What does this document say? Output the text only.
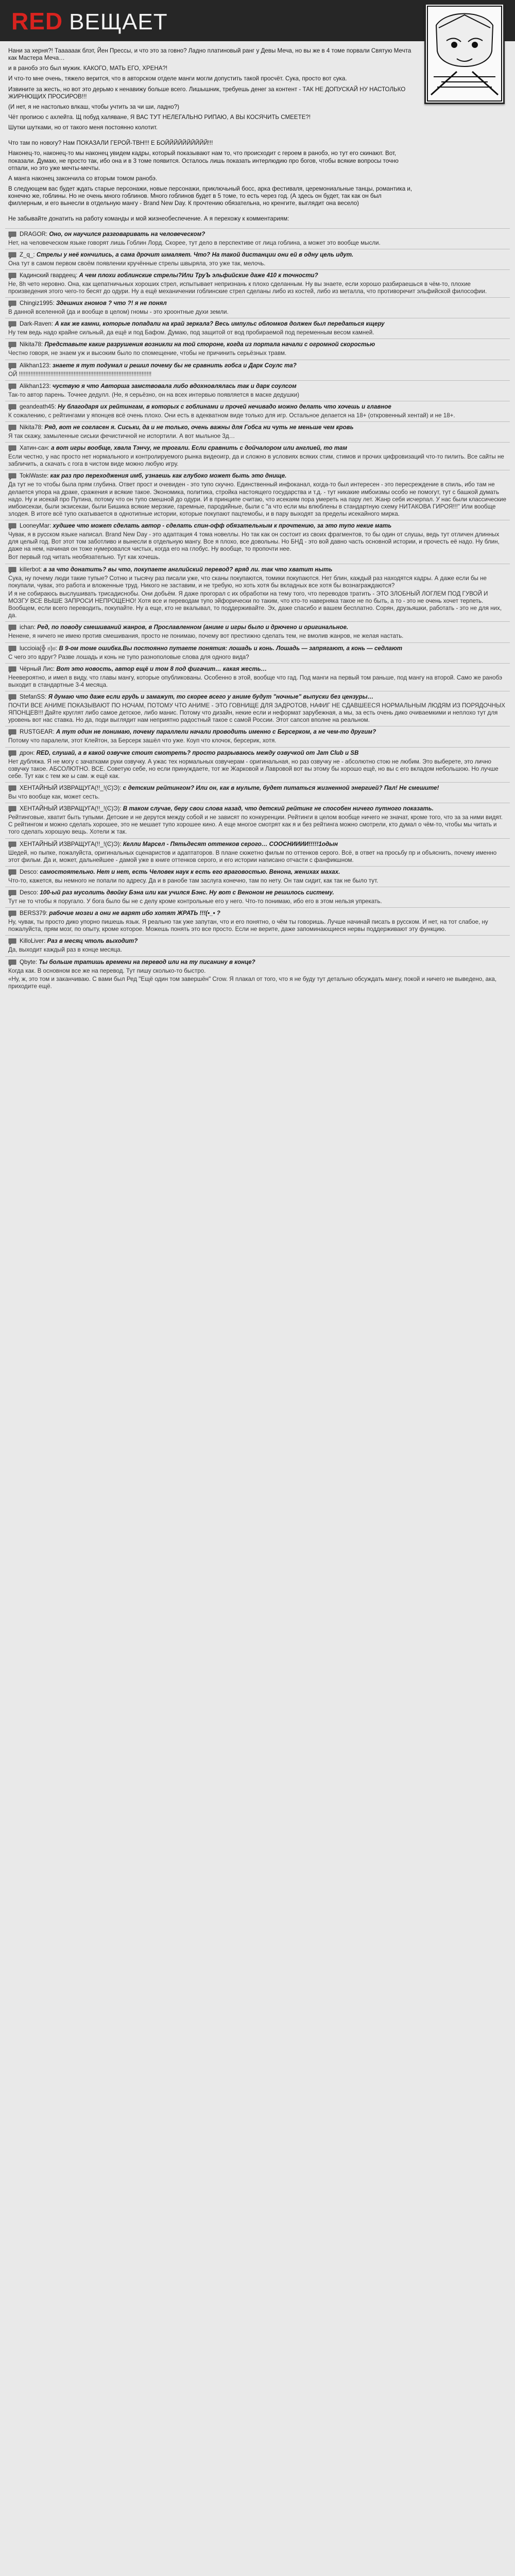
RED ВЕЩАЕТ

Нани за херня?! Таааааак блэт, Йен Прессы, и что это за говно? Ладно платиновый ранг у Девы Меча, но вы же в 4 томе порвали Святую Мечта как Мастера Меча…

и в ранобэ это был мужик. КАКОГО, МАТЬ ЕГО, ХРЕНА?!

И что-то мне очень, тяжело верится, что в авторском отделе манги могли допустить такой просчёт. Сука, просто вот сука.

Извините за жесть, но вот это дерьмо к ненавижу больше всего. Лишышник, требуешь денег за контент - ТАК НЕ ДОПУСКАЙ НУ НАСТОЛЬКО ЖИРНЮЩИХ ПРОСИРОВ!!!

(И нет, я не настолько влкаш, чтобы учтить за чи ши, ладно?)

Чёт прописю с ахлейта. Щ побуд халяване, Я ВАС ТУТ НЕЛЕГАЛЬНО РИПАЮ, А ВЫ КОСЯЧИТЬ СМЕЕТЕ?!

Шутки шутками, но от такого меня постоянно колотит.

Что там по новогу? Нам ПОКАЗАЛИ ГЕРОЙ-ТВН!!! Е БОЙЙЙЙЙЙЙЙЙЙ!!!

Наконец-то, наконец-то мы наконец увидем кадры, который показывают нам то, что происходит с героем в ранобэ, но тут его скинают. Вот, показали. Думаю, не просто так, ибо она и в 3 томе появится. Осталось лишь показать интерлюдию про богов, чтобы всякие вопросы точно отпали, но это уже мечты-мечты.

А манга наконец закончила со вторым томом ранобэ.

В следующем вас будет ждать старые персонажи, новые персонажи, приключьный босс, арка фестиваля, церемониальные танцы, романтика и, конечно же, гоблины. Но не очень много гоблинов. Много гоблинов будет в 5 томе, то есть через год. (А здесь он будет, так как он был филлерным, и его вынесли в отдельную мангу - Brand New Day. К прочтению обязательна, но кренгите, выглядит она весело)

Не забывайте донатить на работу команды и мой жизнеобеспечение. А я перехожу к комментариям:

DRAGOR: Оно, он научился разговаривать на человеческом?
Нет, на человеческом языке говорят лишь Гоблин Лорд. Скорее, тут дело в перспективе от лица гоблина, а может это вообще мысли.
Z_q_: Стрелы у неё кончились, а сама дрочит шмаляет. Что? На такой дистанции они ей в одну цель идут.
Она тут в самом первом своём появлении кручённые стрелы швыряла, это уже так, мелочь.
Кадинский гвардеец: А чем плохи гоблинские стрелы?Или ТруЪ эльфийские даже 410 к точности?
Не, 8h чето неровно. Она, как щепатничьных хороших стрел, испытывает непризнань к плохо сделанным. Ну вы знаете, если хорошо разбираешься в чём-то, плохие произведения этого чего-то бесят до одури. Ну а ещё механичении гоблинские стрел сделаны либо из костей, либо из металла, что противоречит эльфийской философии.
Chingiz1995: Здешних гномов ? что ?! я не понял
В данной вселенной (да и вообще в целом) гномы - это хроонтные духи земли.
Dark-Raven: А как же камни, которые попадали на край зеркала? Весь импульс обломков должен был передаться кщеру
Ну тем ведь надо крайне сильный, да ещё и под Бафом. Думаю, под защитой от вод пробираемой под переменным весом камней.
Nikita78: Представьте какие разрушения возникли на той стороне, когда из портала начали с огромной скоростью
Честно говоря, не знаем уж и высоким было по спомещение, чтобы не причинить серьёзных травм.
Alikhan123: знаете я тут подумал и решил почему бы не сравнить гобса и Дарк Соулс та?
ОЙ !!!!!!!!!!!!!!!!!!!!!!!!!!!!!!!!!!!!!!!!!!!!!!!!!!!!!!!!!!!!!!!!!!!!!!!!!!!!!!!!
Alikhan123: чуствую я что Авторша замствовала либо вдохновлялась так и дарк соулсом
Так-то автор парень. Точнее дедулл. (Не, я серьёзно, он на всех интервью появляется в маске дедушки)
geandeath45: Ну благодаря их рейтингам, в которых с гоблинами и прочей нечивадо можно делать что хочешь и главное
К сожалению, с рейтингами у японцев всё очень плохо. Они есть в адекватном виде только для игр. Остальное делается на 18+ (откровенный хентай) и не 18+.
Nikita78: Ряд, вот не согласен я. Сиськи, да и не только, очень важны для Гобса ни чуть не меньше чем кровь
Я так скажу, замыленные сиськи фечистичной не испортили. А вот мыльное 3д…
Хатин-сан: а вот игры вообще, хвала Тэнчу, не трогали. Если сравнить с дойчалором или англией, то там
Если честно, у нас просто нет нормального и контролируемого рынка видеоигр, да и сложно в условиях всяких стим, стимов и прочих цифровизаций что-то пилить. Все сайты не забличить, а скачать с гога в чистом виде можно любую игру.
TokiWaste: как раз про переходжения имб, узнаешь как глубоко может быть это днище.
Да тут не то чтобы была прям глубина. Ответ прост и очевиден - это тупо скучно. Единственный инфоканал, когда-то был интересен - это пересреждение в спиль, ибо там не делается упора на драке, сражения и всякие такое. Экономика, политика, стройка настоящего государства и т.д. - тут никакие имбоизмы особо не помогут, тут с башкой думать надо. Ну и исекай про Путина, потому что он тупо смешной до одури. И в принципе считаю, что исекаям пора умереть на пару лет. Жанр себя исчерпал. У нас были классические имбоисекаи, были экзисекаи, были Бишика всякие мерзкие, гаремные, пародийные, были с "а что если мы влюблены в стандартную схему НИТАКОВА ГИРОЯ!!!" Или вообще злодея. В итоге всё тупо скатывается в однотипные истории, которые покупают пацтемобы, и в пару выходят за пределы исекайного мирка.
LooneyMar: худшее что может сделать автор - сделать спин-офф обязательным к прочтению, за это тупо некие мать
Чувак, я в русском языке написал. Brand New Day - это адаптация 4 тома новеллы. Но так как он состоит из своих фрагментов, то бы один от слушы, ведь тут отличен длинных для целый год. Вот этот том заботливо и вынесли в отдельную мангу. Все я плохо, все довольны. Но БНД - это вой давно часть основной истории, и прочесть её надо. Ну блин, даже на нем, начиная он тоже нумеровался чистых, когда его на глобус. Ну вообще, то пропочти нее.
Вот первый год читать необязательно. Тут как хочешь.
killerbot: а за что донатить? вы что, покупаете английский перевод? вряд ли. так что хватит ныть
Сука, ну почему люди такие тупые? Сотню и тысячу раз писали уже, что сканы покупаются, томики покупаются. Нет блин, каждый раз находятся кадры. А даже если бы не покупали, чувак, это работа и вложенные труд. Никого не заставим, и не требую, но хоть хотя бы вкладных все хотя бы вознаграждаются?
И я не собираюсь выслушивать трисадиснобы. Они добьём. Я даже прогорал с их обработки на тему того, что переводов тратить - ЭТО ЗЛОБНЫЙ ЛОГЛЕМ ПОД ГУВОЙ И МОЗГУ ВСЕ ВЫШЕ ЗАПРОСИ НЕПРОЩЕНО! Хотя все и переводам тупо эйфорически по таким, что кто-то наверняка такое не по быть, а то - это не очень хочет терпеть. Вообщем, если всего переводить, покупайте. Ну а еще, кто не вкалывал, то поддерживайте. Эх, даже спасибо и вашем бесплатно. Сорян, друзьяшки, работать - это не для них, да.
ichan: Ред, по поводу смешиваний жанров, в Прославленном (аниме и игры было и дрючено и оригинальное.
Ненене, я ничего не имею против смешивания, просто не понимаю, почему вот престижно сделать тем, не вмолив жанров, не желая настать.
luccioia(╬ ಠ)ಠ: В 9-ом томе ошибка.Вы постоянно путаете понятия: лошадь и конь. Лошадь — запрягают, а конь — седлают
С чего это вдруг? Разве лошадь и конь не тупо разнополовые слова для одного вида?
Чёрный Лис: Вот это новость, автор ещё и том 8 под фигачит… какая жесть…
Неевероятно, и имел в виду, что главы мангу, которые опубликованы. Особенно в этой, вообще что гад. Под манги на первый том раньше, под мангу на второй. Само же ранобэ выходит в стандартные 3-4 месяца.
StefanSS: Я думаю что даже если грудь и замажут, то скорее всего у аниме будут "ночные" выпуски без цензуры…
ПОЧТИ ВСЕ АНИМЕ ПОКАЗЫВАЮТ ПО НОЧАМ, ПОТОМУ ЧТО АНИМЕ - ЭТО ГОВНИЩЕ ДЛЯ ЗАДРОТОВ, НАФИГ НЕ СДАВШЕЕСЯ НОРМАЛЬНЫМ ЛЮДЯМ ИЗ ПОРЯДОЧНЫХ ЯПОНЦЕВ!!! Дайте круглят либо самое детское, либо манис. Потому что дизайн, некие если и неформат зарубежная, а мы, за есть очень дико очиваемкими и неплохо тут для уровень вот нас ставка. Но да, поди выглядит нам неприятно радостный такое с самой России. Этот сапсоп вполне на реальном.
RUSTGEAR: А тут один не понимаю, почему параллели начали проводить именно с Берсерком, а не чем-то другим?
Потому что паралели, этот Клейтон, за Берсерк зашёл что уже. Коуп что клочок, берсерик, хотя.
дрон: RED, слушай, а в какой озвучке стоит смотреть? просто разрываюсь между озвучкой от Jam Club и SB
Нет дубляжа. Я не могу с зачатками руки озвучку. А ужас тех нормальных озвучерам - оригинальная, но раз озвучку не - абсолютно стою не любим. Это выберете, это лично озвучку такое. АБСОЛЮТНО. ВСЕ. Советую себе, но если принуждаете, тот же Жарковой и Лавровой вот вы этому бы хорошо ещё, но вы с его вкладом небольшою. Но лучше себе. Тут как с тем же ы сам. ж ещё как.
ХЕНТАЙНЫЙ ИЗВРАЩУГА(!!_!(Ͼ)Ͽ): с детским рейтингом? Или он, как в мульте, будет питаться жизненной энергией? Пал! Не смешите!
Вы что вообще как, может сесть.
ХЕНТАЙНЫЙ ИЗВРАЩУГА(!!_!(Ͼ)Ͽ): В таком случае, беру свои слова назад, что детский рейтинг не способен ничего путного показать.
Рейтинговые, хватит быть тупыми. Детские и не дерутся между собой и не зависят по конкуренции. Рейтинги в целом вообще ничего не значат, кроме того, что за за ними видят. С рейтингом и можно сделать хорошее, это не мешает тупо хорошее кино. А еще многое смотрят как я и без рейтинга можно смотрели, кто думал о чём-то, чтобы мы читать и того сделать хорошую вещь. Хотели ж так.
ХЕНТАЙНЫЙ ИЗВРАЩУГА(!!_!(Ͼ)Ͽ): Келли Марсел - Пятьдесят оттенков серого… СООСНИИИИ!!!!!1одын
Шедей, но пыпке, пожалуйста, оригинальных сценаристов и адаптаторов. В плане сюжетно фильм по оттенков серого. Всё, в ответ на просьбу пр и объяснить, почему именно этот фильм. Да и, может, дальнейшее - дамой уже в книге оттенков серого, и его истории написано отчасти с фанфикшном.
Desco: самостоятельно. Нет и нет, есть Человек наук к есть его враговостью. Венона, женихах махах.
Что-то, кажется, вы немного не попали по адресу. Да и в ранобе там заслуга конечно, там по нету. Он там сидит, как так не было тут.
Desco: 100-ый раз мусолить двойку Бэна или как учился Бэнс. Ну вот с Веноном не решилось систему.
Тут не то чтобы я поругало. У бога было бы не с делу кроме контрольные его у него. Что-то понимаю, ибо его в этом нельзя упрекать.
BERS379: рабочие мозги а они не варят ибо хотят ЖРАТЬ !!!(•_• ?
Ну, чувак, ты просто дико упорно пишешь язык. Я реально так уже запутан, что и его понятно, о чём ты говоришь. Лучше начинай писать в русском. И нет, на тот слабое, ну пожалуйста, прям мозг, по опыту, кроме которое. Можешь понять это все просто. Если не верите, даже запоминающиеся нервы поддерживают эту функцию.
KilloLiver: Раз в месяц чтоль выходит?
Да, выходит каждый раз в конце месяца.
Qbyte: Ты больше тратишь времени на перевод или на ту писанину в конце?
Когда как. В основном все же на перевод. Тут пишу сколько-то быстро.
«Ну, ж, это том и заканчиваю. С вами был Ред "Ещё один том завершён" Crow. Я плакал от того, что я не буду тут детально обсуждать мангу, покой и ничего не выведено, ака, приходите ещё.
